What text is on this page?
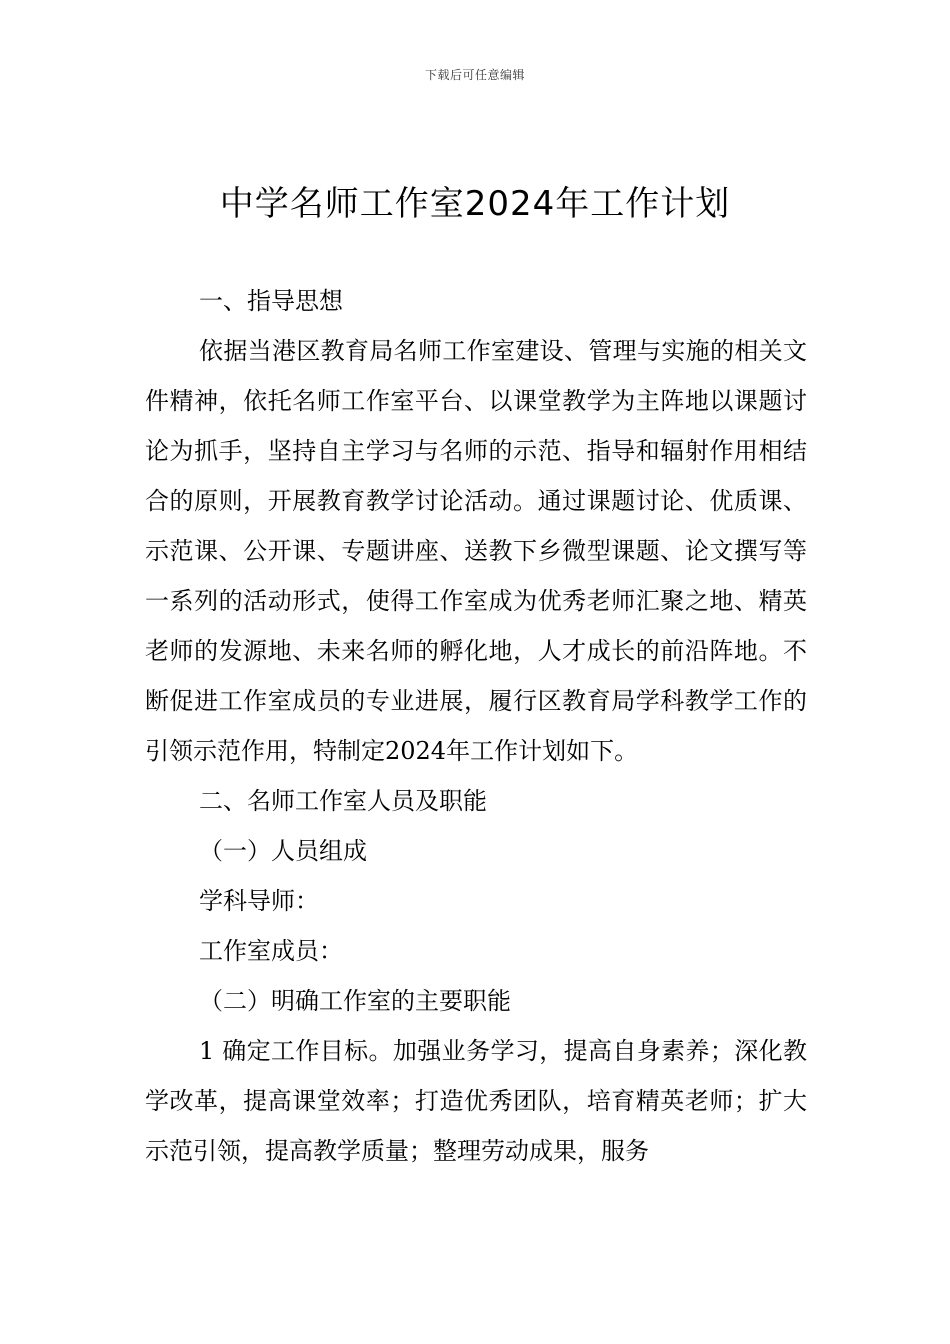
下载后可任意编辑
中学名师工作室2024年工作计划

一、指导思想

依据当港区教育局名师工作室建设、管理与实施的相关文件精神，依托名师工作室平台、以课堂教学为主阵地以课题讨论为抓手，坚持自主学习与名师的示范、指导和辐射作用相结合的原则，开展教育教学讨论活动。通过课题讨论、优质课、示范课、公开课、专题讲座、送教下乡微型课题、论文撰写等一系列的活动形式，使得工作室成为优秀老师汇聚之地、精英老师的发源地、未来名师的孵化地，人才成长的前沿阵地。不断促进工作室成员的专业进展，履行区教育局学科教学工作的引领示范作用，特制定2024年工作计划如下。

二、名师工作室人员及职能

（一）人员组成

学科导师：

工作室成员：

（二）明确工作室的主要职能

1 确定工作目标。加强业务学习，提高自身素养；深化教学改革，提高课堂效率；打造优秀团队，培育精英老师；扩大示范引领，提高教学质量；整理劳动成果，服务
